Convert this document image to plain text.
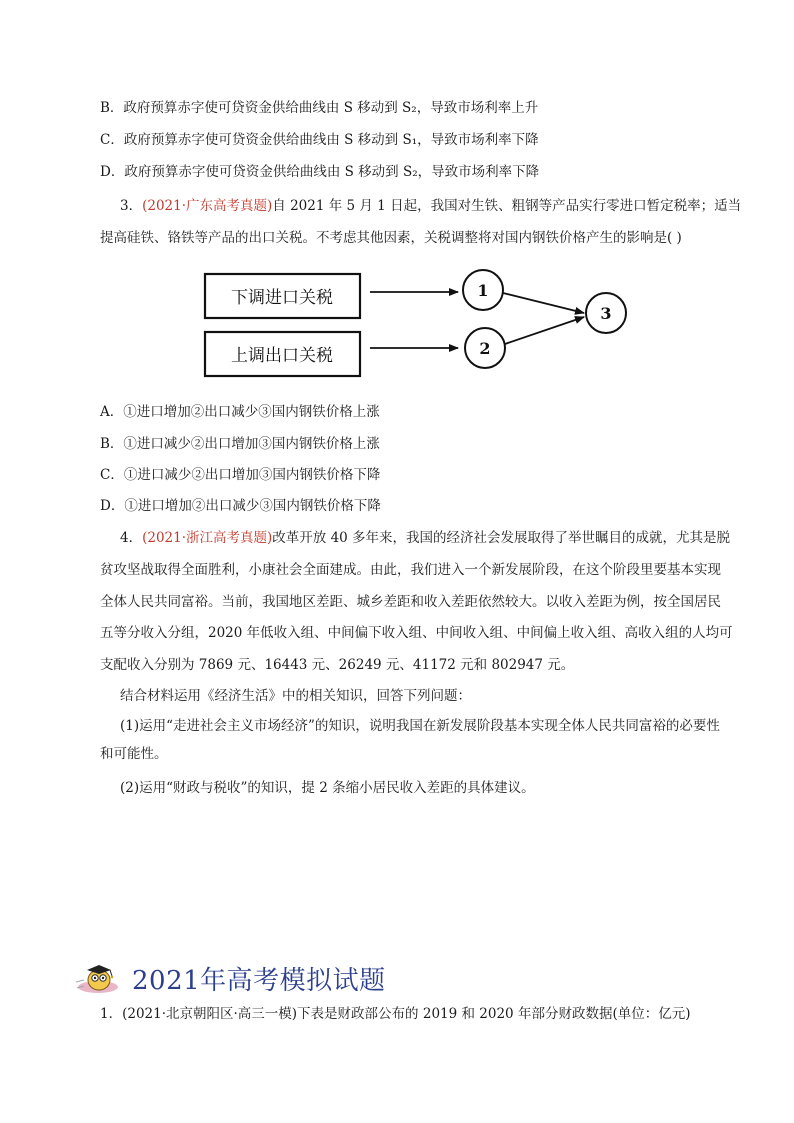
B．政府预算赤字使可贷资金供给曲线由 S 移动到 S₂，导致市场利率上升
C．政府预算赤字使可贷资金供给曲线由 S 移动到 S₁，导致市场利率下降
D．政府预算赤字使可贷资金供给曲线由 S 移动到 S₂，导致市场利率下降
3．(2021·广东高考真题)自 2021 年 5 月 1 日起，我国对生铁、粗钢等产品实行零进口暂定税率；适当
提高硅铁、铬铁等产品的出口关税。不考虑其他因素，关税调整将对国内钢铁价格产生的影响是( )
下调进口关税
上调出口关税
1
2
3
A．①进口增加②出口减少③国内钢铁价格上涨
B．①进口减少②出口增加③国内钢铁价格上涨
C．①进口减少②出口增加③国内钢铁价格下降
D．①进口增加②出口减少③国内钢铁价格下降
4．(2021·浙江高考真题)改革开放 40 多年来，我国的经济社会发展取得了举世瞩目的成就，尤其是脱
贫攻坚战取得全面胜利，小康社会全面建成。由此，我们进入一个新发展阶段，在这个阶段里要基本实现
全体人民共同富裕。当前，我国地区差距、城乡差距和收入差距依然较大。以收入差距为例，按全国居民
五等分收入分组，2020 年低收入组、中间偏下收入组、中间收入组、中间偏上收入组、高收入组的人均可
支配收入分别为 7869 元、16443 元、26249 元、41172 元和 802947 元。
结合材料运用《经济生活》中的相关知识，回答下列问题：
(1)运用“走进社会主义市场经济”的知识，说明我国在新发展阶段基本实现全体人民共同富裕的必要性
和可能性。
(2)运用“财政与税收”的知识，提 2 条缩小居民收入差距的具体建议。
2021年高考模拟试题
1．(2021·北京朝阳区·高三一模)下表是财政部公布的 2019 和 2020 年部分财政数据(单位：亿元)
